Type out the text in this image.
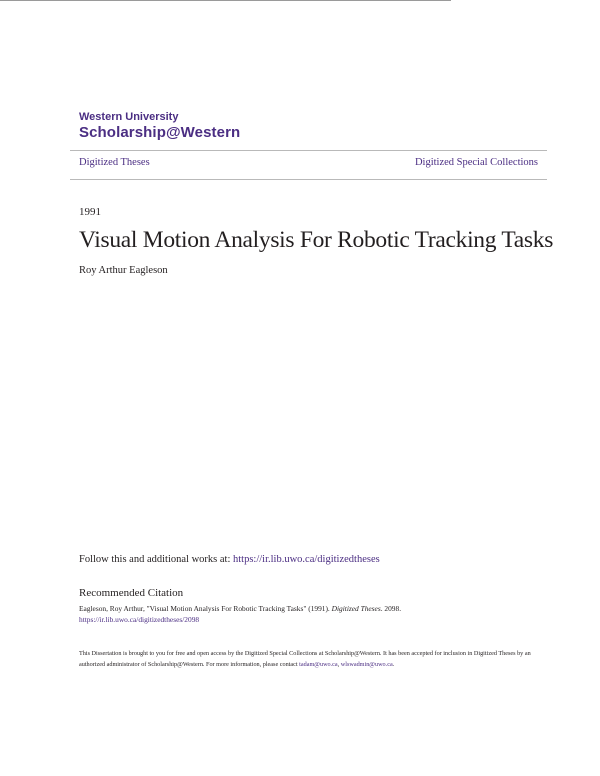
Western University
Scholarship@Western
Digitized Theses	Digitized Special Collections
1991
Visual Motion Analysis For Robotic Tracking Tasks
Roy Arthur Eagleson
Follow this and additional works at: https://ir.lib.uwo.ca/digitizedtheses
Recommended Citation
Eagleson, Roy Arthur, "Visual Motion Analysis For Robotic Tracking Tasks" (1991). Digitized Theses. 2098.
https://ir.lib.uwo.ca/digitizedtheses/2098
This Dissertation is brought to you for free and open access by the Digitized Special Collections at Scholarship@Western. It has been accepted for inclusion in Digitized Theses by an authorized administrator of Scholarship@Western. For more information, please contact tadam@uwo.ca, wlswadmin@uwo.ca.
